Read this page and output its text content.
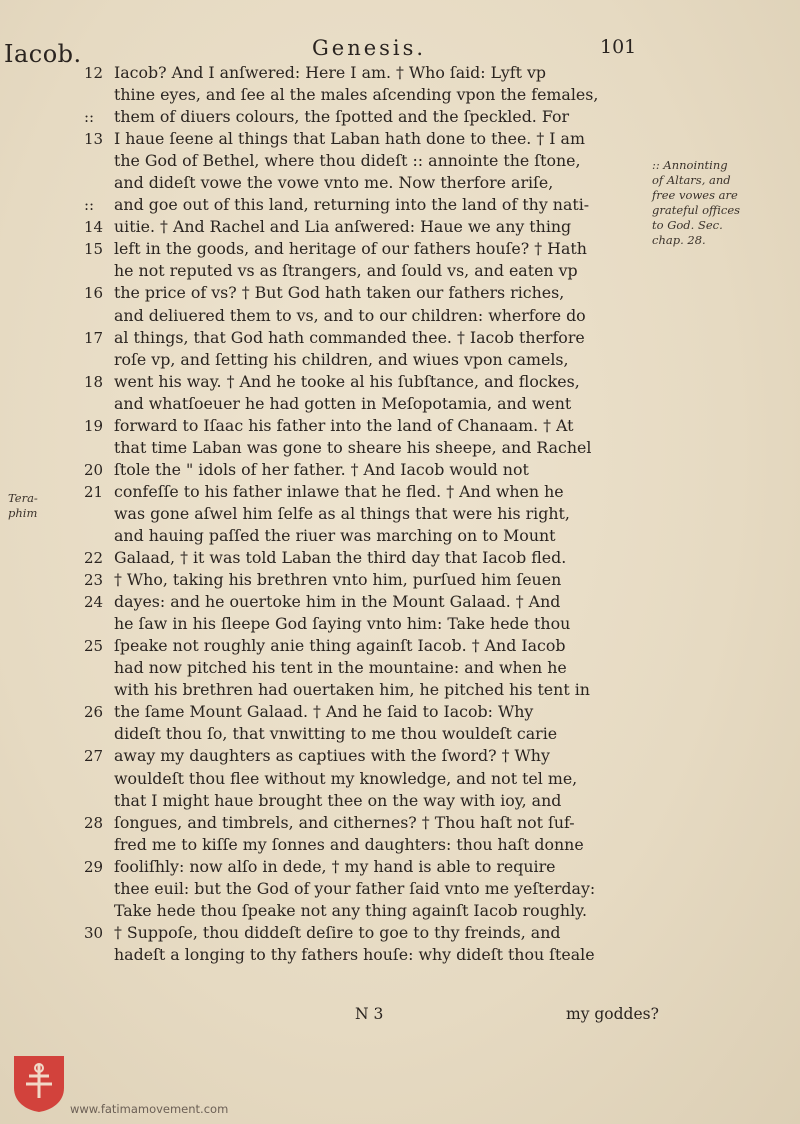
Iacob.	Genesis.	101
12 Iacob? And I anſwered: Here I am. † Who ſaid: Lyft vp
thine eyes, and ſee al the males aſcending vpon the females,
:: them of diuers colours, the ſpotted and the ſpeckled. For
13 I haue ſeene al things that Laban hath done to thee. † I am
the God of Bethel, where thou dideſt :: annointe the ſtone,
and dideſt vowe the vowe vnto me. Now therfore ariſe,
:: and goe out of this land, returning into the land of thy nati-
14 uitie. † And Rachel and Lia anſwered: Haue we any thing
15 left in the goods, and heritage of our fathers houſe? † Hath
he not reputed vs as ſtrangers, and ſould vs, and eaten vp
16 the price of vs? † But God hath taken our fathers riches,
and deliuered them to vs, and to our children: wherfore do
17 al things, that God hath commanded thee. † Iacob therfore
roſe vp, and ſetting his children, and wiues vpon camels,
18 went his way. † And he tooke al his ſubſtance, and flockes,
and whatſoeuer he had gotten in Meſopotamia, and went
19 forward to Iſaac his father into the land of Chanaam. † At
that time Laban was gone to sheare his sheepe, and Rachel
20 ſtole the " idols of her father. † And Iacob would not
21 confeſſe to his father inlawe that he fled. † And when he
was gone aſwel him ſelfe as al things that were his right,
and hauing paſſed the riuer was marching on to Mount
22 Galaad, † it was told Laban the third day that Iacob fled.
23 † Who, taking his brethren vnto him, purſued him ſeuen
24 dayes: and he ouertoke him in the Mount Galaad. † And
he ſaw in his ſleepe God ſaying vnto him: Take hede thou
25 ſpeake not roughly anie thing againſt Iacob. † And Iacob
had now pitched his tent in the mountaine: and when he
with his brethren had ouertaken him, he pitched his tent in
26 the ſame Mount Galaad. † And he ſaid to Iacob: Why
dideſt thou ſo, that vnwitting to me thou wouldeſt carie
27 away my daughters as captiues with the ſword? † Why
wouldeſt thou flee without my knowledge, and not tel me,
that I might haue brought thee on the way with ioy, and
28 ſongues, and timbrels, and cithernes? † Thou haſt not ſuf-
fred me to kiſſe my ſonnes and daughters: thou haſt donne
29 fooliſhly: now alſo in dede, † my hand is able to require
thee euil: but the God of your father ſaid vnto me yeſterday:
Take hede thou ſpeake not any thing againſt Iacob roughly.
30 † Suppoſe, thou diddeſt deſire to goe to thy freinds, and
hadeſt a longing to thy fathers houſe: why dideſt thou ſteale
:: Annointing
of Altars, and
free vowes are
grateful offices
to God. Sec.
chap. 28.
Tera-
phim
N 3	my goddes?
www.fatimamovement.com
